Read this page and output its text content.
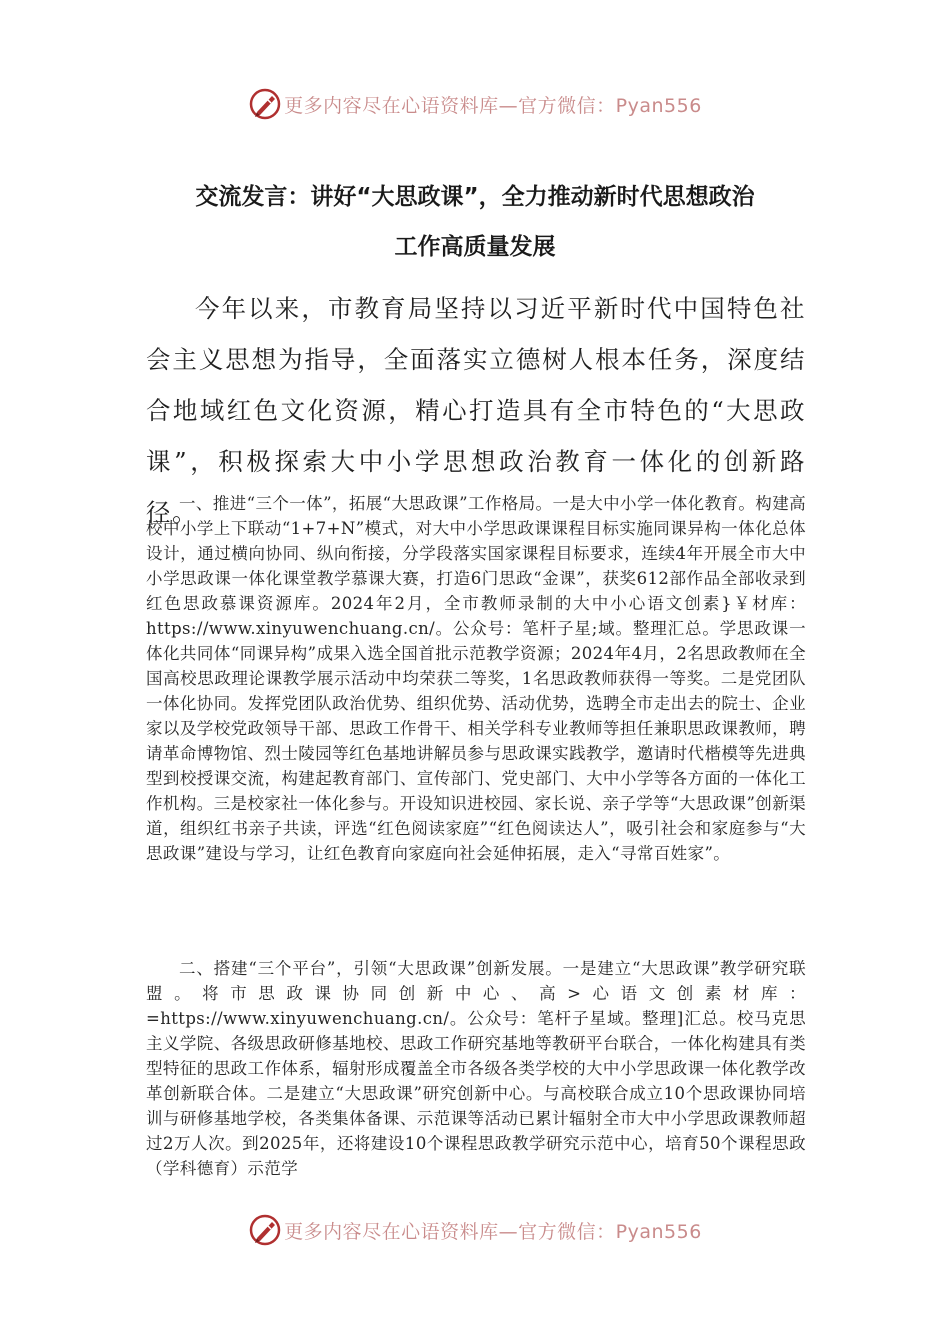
更多内容尽在心语资料库—官方微信：Pyan556
交流发言：讲好“大思政课”，全力推动新时代思想政治
工作高质量发展
今年以来，市教育局坚持以习近平新时代中国特色社会主义思想为指导，全面落实立德树人根本任务，深度结合地域红色文化资源，精心打造具有全市特色的“大思政课”，积极探索大中小学思想政治教育一体化的创新路径。
一、推进“三个一体”，拓展“大思政课”工作格局。一是大中小学一体化教育。构建高校中小学上下联动“1+7+N”模式，对大中小学思政课课程目标实施同课异构一体化总体设计，通过横向协同、纵向衔接，分学段落实国家课程目标要求，连续4年开展全市大中小学思政课一体化课堂教学慕课大赛，打造6门思政“金课”，获奖612部作品全部收录到红色思政慕课资源库。2024年2月，全市教师录制的大中小心语文创素}￥材库：https://www.xinyuwenchuang.cn/。公众号：笔杆子星;域。整理汇总。学思政课一体化共同体“同课异构”成果入选全国首批示范教学资源；2024年4月，2名思政教师在全国高校思政理论课教学展示活动中均荣获二等奖，1名思政教师获得一等奖。二是党团队一体化协同。发挥党团队政治优势、组织优势、活动优势，选聘全市走出去的院士、企业家以及学校党政领导干部、思政工作骨干、相关学科专业教师等担任兼职思政课教师，聘请革命博物馆、烈士陵园等红色基地讲解员参与思政课实践教学，邀请时代楷模等先进典型到校授课交流，构建起教育部门、宣传部门、党史部门、大中小学等各方面的一体化工作机构。三是校家社一体化参与。开设知识进校园、家长说、亲子学等“大思政课”创新渠道，组织红书亲子共读，评选“红色阅读家庭”“红色阅读达人”，吸引社会和家庭参与“大思政课”建设与学习，让红色教育向家庭向社会延伸拓展，走入“寻常百姓家”。
二、搭建“三个平台”，引领“大思政课”创新发展。一是建立“大思政课”教学研究联盟。将市思政课协同创新中心、高>心语文创素材库：=https://www.xinyuwenchuang.cn/。公众号：笔杆子星域。整理]汇总。校马克思主义学院、各级思政研修基地校、思政工作研究基地等教研平台联合，一体化构建具有类型特征的思政工作体系，辐射形成覆盖全市各级各类学校的大中小学思政课一体化教学改革创新联合体。二是建立“大思政课”研究创新中心。与高校联合成立10个思政课协同培训与研修基地学校，各类集体备课、示范课等活动已累计辐射全市大中小学思政课教师超过2万人次。到2025年，还将建设10个课程思政教学研究示范中心，培育50个课程思政（学科德育）示范学
更多内容尽在心语资料库—官方微信：Pyan556
